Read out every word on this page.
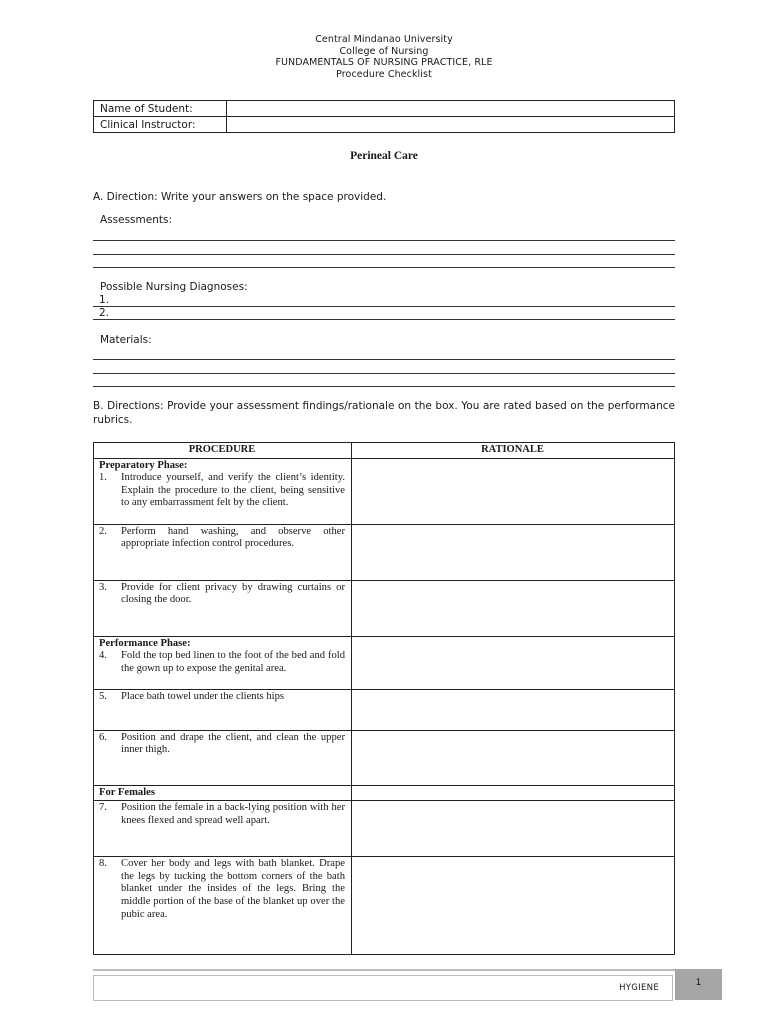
Central Mindanao University
College of Nursing
FUNDAMENTALS OF NURSING PRACTICE, RLE
Procedure Checklist
Name of Student:	
Clinical Instructor:	
Perineal Care
A. Direction: Write your answers on the space provided.
Assessments:
Possible Nursing Diagnoses:
1.
2.
Materials:
B. Directions: Provide your assessment findings/rationale on the box. You are rated based on the performance rubrics.
PROCEDURE	RATIONALE

Preparatory Phase:
1. Introduce yourself, and verify the client’s identity. Explain the procedure to the client, being sensitive to any embarrassment felt by the client.	

2. Perform hand washing, and observe other appropriate infection control procedures.	

3. Provide for client privacy by drawing curtains or closing the door.	

Performance Phase:
4. Fold the top bed linen to the foot of the bed and fold the gown up to expose the genital area.	

5. Place bath towel under the clients hips	

6. Position and drape the client, and clean the upper inner thigh.	

For Females	

7. Position the female in a back-lying position with her knees flexed and spread well apart.	

8. Cover her body and legs with bath blanket. Drape the legs by tucking the bottom corners of the bath blanket under the insides of the legs. Bring the middle portion of the base of the blanket up over the pubic area.	

HYGIENE	1
